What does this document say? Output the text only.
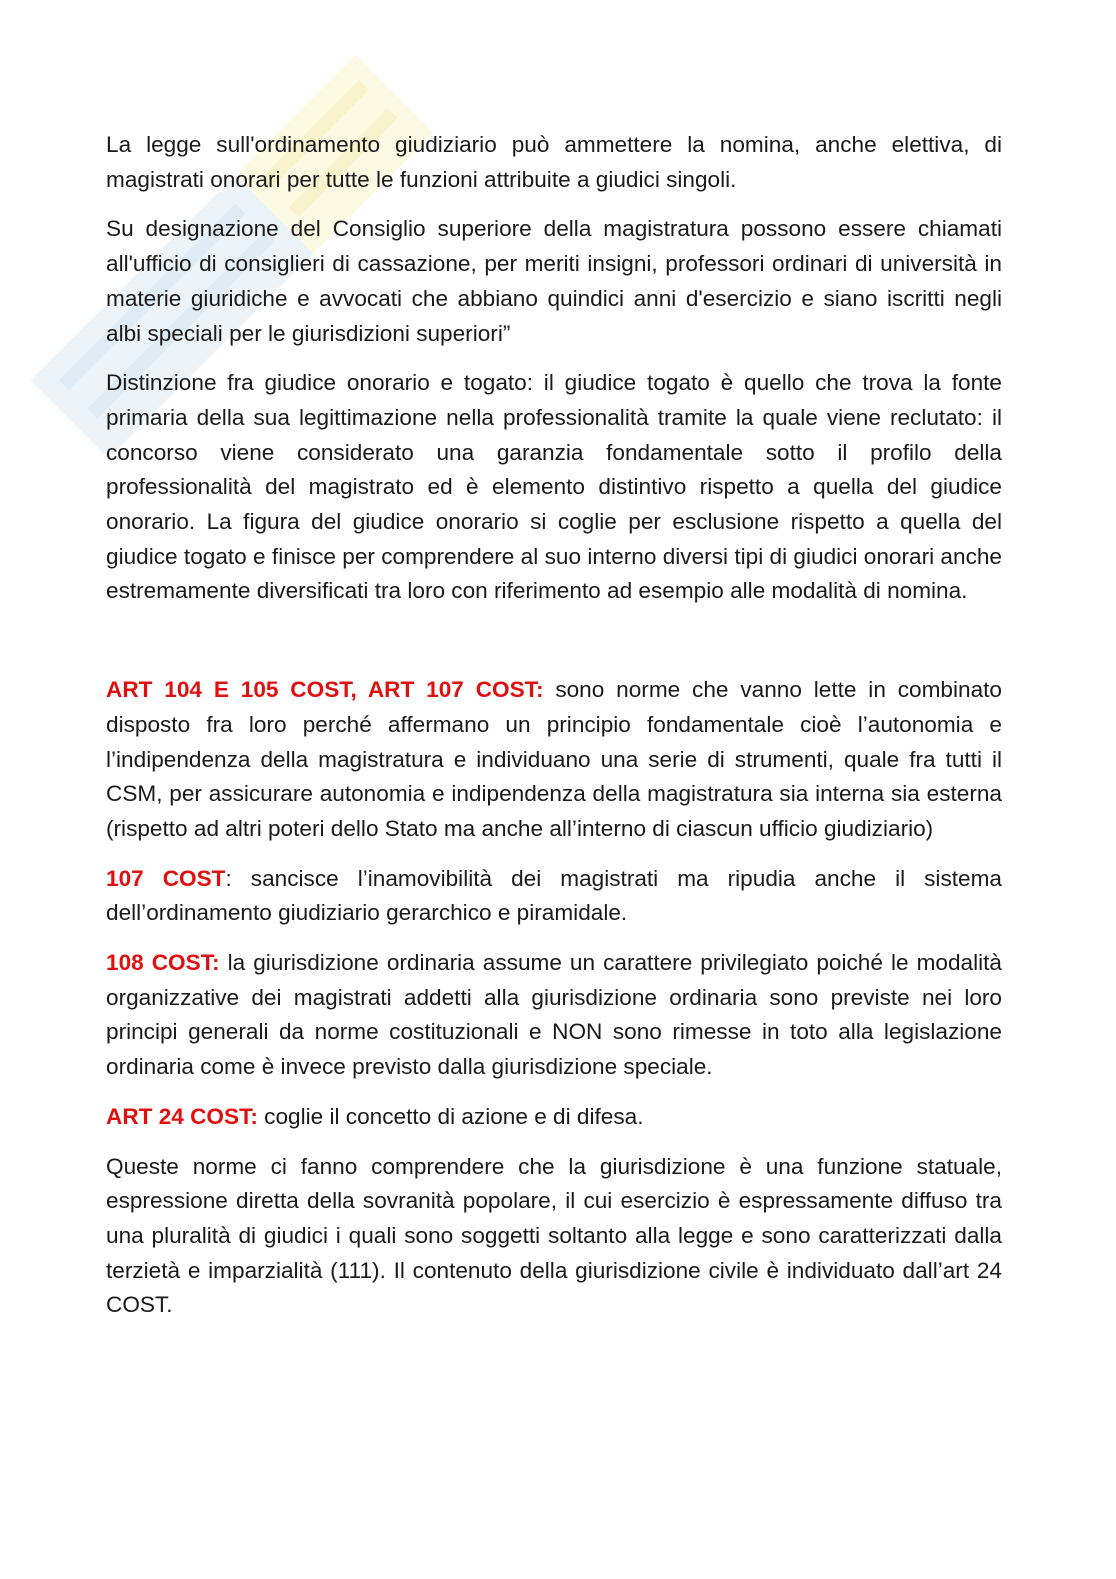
La legge sull'ordinamento giudiziario può ammettere la nomina, anche elettiva, di magistrati onorari per tutte le funzioni attribuite a giudici singoli.

Su designazione del Consiglio superiore della magistratura possono essere chiamati all'ufficio di consiglieri di cassazione, per meriti insigni, professori ordinari di università in materie giuridiche e avvocati che abbiano quindici anni d'esercizio e siano iscritti negli albi speciali per le giurisdizioni superiori”

Distinzione fra giudice onorario e togato: il giudice togato è quello che trova la fonte primaria della sua legittimazione nella professionalità tramite la quale viene reclutato: il concorso viene considerato una garanzia fondamentale sotto il profilo della professionalità del magistrato ed è elemento distintivo rispetto a quella del giudice onorario. La figura del giudice onorario si coglie per esclusione rispetto a quella del giudice togato e finisce per comprendere al suo interno diversi tipi di giudici onorari anche estremamente diversificati tra loro con riferimento ad esempio alle modalità di nomina.

ART 104 E 105 COST, ART 107 COST: sono norme che vanno lette in combinato disposto fra loro perché affermano un principio fondamentale cioè l’autonomia e l’indipendenza della magistratura e individuano una serie di strumenti, quale fra tutti il CSM, per assicurare autonomia e indipendenza della magistratura sia interna sia esterna (rispetto ad altri poteri dello Stato ma anche all’interno di ciascun ufficio giudiziario)

107 COST: sancisce l’inamovibilità dei magistrati ma ripudia anche il sistema dell’ordinamento giudiziario gerarchico e piramidale.

108 COST: la giurisdizione ordinaria assume un carattere privilegiato poiché le modalità organizzative dei magistrati addetti alla giurisdizione ordinaria sono previste nei loro principi generali da norme costituzionali e NON sono rimesse in toto alla legislazione ordinaria come è invece previsto dalla giurisdizione speciale.

ART 24 COST: coglie il concetto di azione e di difesa.

Queste norme ci fanno comprendere che la giurisdizione è una funzione statuale, espressione diretta della sovranità popolare, il cui esercizio è espressamente diffuso tra una pluralità di giudici i quali sono soggetti soltanto alla legge e sono caratterizzati dalla terzietà e imparzialità (111). Il contenuto della giurisdizione civile è individuato dall’art 24 COST.
